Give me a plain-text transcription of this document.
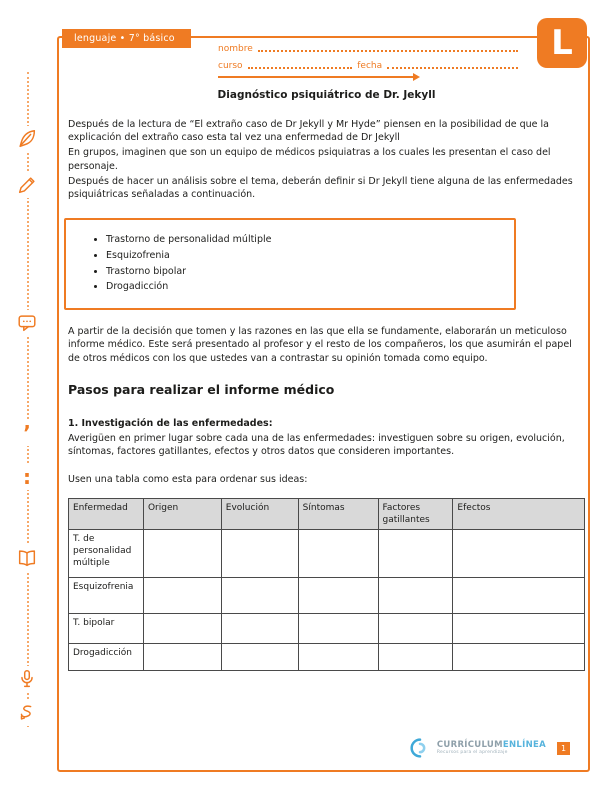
’
:
lenguaje • 7° básico	L
nombre
curso	fecha
Diagnóstico psiquiátrico de Dr. Jekyll

Después de la lectura de “El extraño caso de Dr Jekyll y Mr Hyde” piensen en la posibilidad de que la explicación del extraño caso esta tal vez una enfermedad de Dr Jekyll

En grupos, imaginen que son un equipo de médicos psiquiatras a los cuales les presentan el caso del personaje.

Después de hacer un análisis sobre el tema, deberán definir si Dr Jekyll tiene alguna de las enfermedades psiquiátricas señaladas a continuación.

• Trastorno de personalidad múltiple
• Esquizofrenia
• Trastorno bipolar
• Drogadicción

A partir de la decisión que tomen y las razones en las que ella se fundamente, elaborarán un meticuloso informe médico. Este será presentado al profesor y el resto de los compañeros, los que asumirán el papel de otros médicos con los que ustedes van a contrastar su opinión tomada como equipo.

Pasos para realizar el informe médico

1. Investigación de las enfermedades:

Averigüen en primer lugar sobre cada una de las enfermedades: investiguen sobre su origen, evolución, síntomas, factores gatillantes, efectos y otros datos que consideren importantes.

Usen una tabla como esta para ordenar sus ideas:

Enfermedad	Origen	Evolución	Síntomas	Factores gatillantes	Efectos
T. de personalidad múltiple					
Esquizofrenia					
T. bipolar					
Drogadicción					
CURRÍCULUMENLÍNEA
Recursos para el aprendizaje
1
